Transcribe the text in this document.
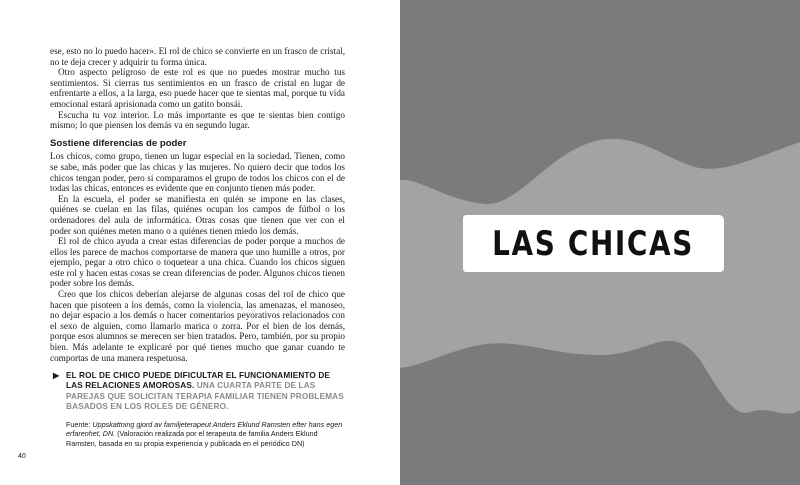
ese, esto no lo puedo hacer». El rol de chico se convierte en un frasco de cristal, no te deja crecer y adquirir tu forma única.

Otro aspecto peligroso de este rol es que no puedes mostrar mucho tus sentimientos. Si cierras tus sentimientos en un frasco de cristal en lugar de enfrentarte a ellos, a la larga, eso puede hacer que te sientas mal, porque tu vida emocional estará aprisionada como un gatito bonsái.

Escucha tu voz interior. Lo más importante es que te sientas bien contigo mismo; lo que piensen los demás va en segundo lugar.

Sostiene diferencias de poder

Los chicos, como grupo, tienen un lugar especial en la sociedad. Tienen, como se sabe, más poder que las chicas y las mujeres. No quiero decir que todos los chicos tengan poder, pero si comparamos el grupo de todos los chicos con el de todas las chicas, entonces es evidente que en conjunto tienen más poder.

En la escuela, el poder se manifiesta en quién se impone en las clases, quiénes se cuelan en las filas, quiénes ocupan los campos de fútbol o los ordenadores del aula de informática. Otras cosas que tienen que ver con el poder son quiénes meten mano o a quiénes tienen miedo los demás.

El rol de chico ayuda a crear estas diferencias de poder porque a muchos de ellos les parece de machos comportarse de manera que uno humille a otros, por ejemplo, pegar a otro chico o toquetear a una chica. Cuando los chicos siguen este rol y hacen estas cosas se crean diferencias de poder. Algunos chicos tienen poder sobre los demás.

Creo que los chicos deberían alejarse de algunas cosas del rol de chico que hacen que pisoteen a los demás, como la violencia, las amenazas, el manoseo, no dejar espacio a los demás o hacer comentarios peyorativos relacionados con el sexo de alguien, como llamarlo marica o zorra. Por el bien de los demás, porque esos alumnos se merecen ser bien tratados. Pero, también, por su propio bien. Más adelante te explicaré por qué tienes mucho que ganar cuando te comportas de una manera respetuosa.

▶ EL ROL DE CHICO PUEDE DIFICULTAR EL FUNCIONAMIENTO DE LAS RELACIONES AMOROSAS. UNA CUARTA PARTE DE LAS PAREJAS QUE SOLICITAN TERAPIA FAMILIAR TIENEN PROBLEMAS BASADOS EN LOS ROLES DE GÉNERO.
Fuente: Uppskattning gjord av familjeterapeut Anders Eklund Ramsten efter hans egen erfarenhet, DN. (Valoración realizada por el terapeuta de familia Anders Eklund Ramsten, basada en su propia experiencia y publicada en el periódico DN)
40
LAS CHICAS
